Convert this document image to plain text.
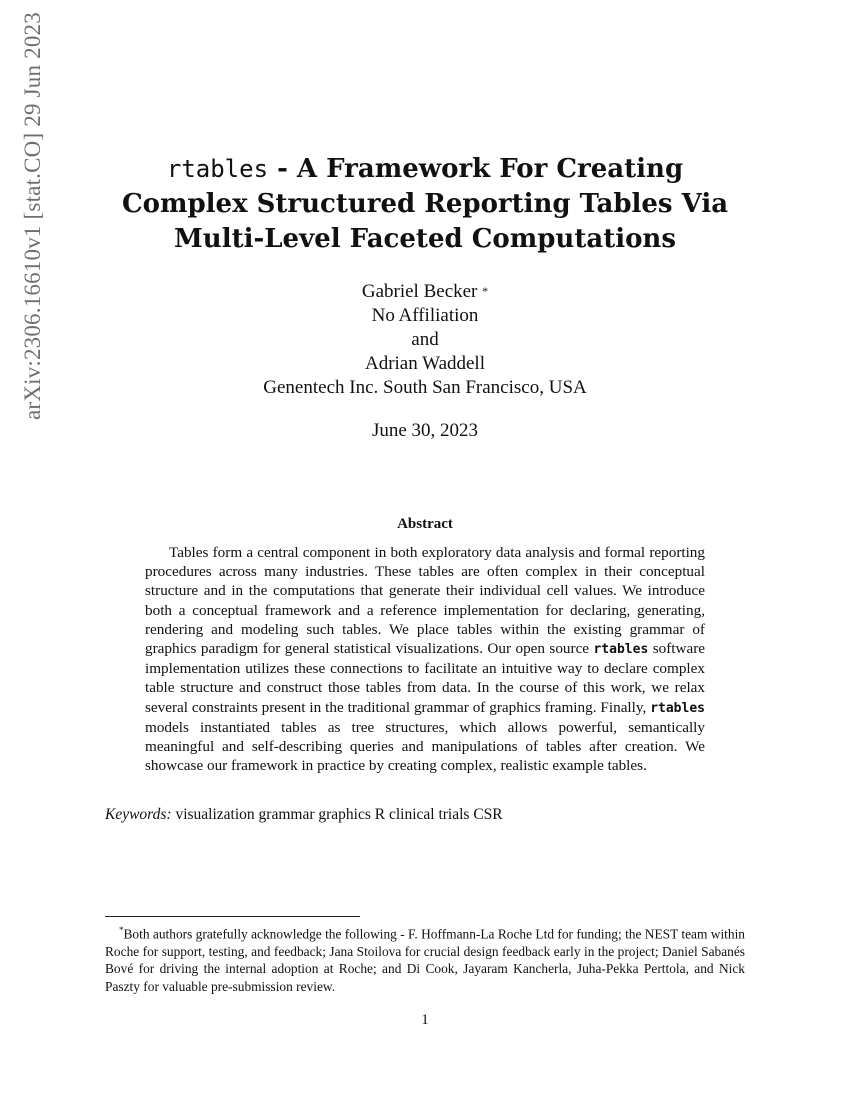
arXiv:2306.16610v1 [stat.CO] 29 Jun 2023	rtables - A Framework For Creating
Complex Structured Reporting Tables Via
Multi-Level Faceted Computations
Gabriel Becker *
No Affiliation
and
Adrian Waddell
Genentech Inc. South San Francisco, USA
June 30, 2023
Abstract
Tables form a central component in both exploratory data analysis and formal reporting procedures across many industries. These tables are often complex in their conceptual structure and in the computations that generate their individual cell values. We introduce both a conceptual framework and a reference implementation for declaring, generating, rendering and modeling such tables. We place tables within the existing grammar of graphics paradigm for general statistical visualizations. Our open source rtables software implementation utilizes these connections to facilitate an intuitive way to declare complex table structure and construct those tables from data. In the course of this work, we relax several constraints present in the traditional grammar of graphics framing. Finally, rtables models instantiated tables as tree structures, which allows powerful, semantically meaningful and self-describing queries and manipulations of tables after creation. We showcase our framework in practice by creating complex, realistic example tables.
Keywords: visualization grammar graphics R clinical trials CSR
*Both authors gratefully acknowledge the following - F. Hoffmann-La Roche Ltd for funding; the NEST team within Roche for support, testing, and feedback; Jana Stoilova for crucial design feedback early in the project; Daniel Sabanés Bové for driving the internal adoption at Roche; and Di Cook, Jayaram Kancherla, Juha-Pekka Perttola, and Nick Paszty for valuable pre-submission review.
1
